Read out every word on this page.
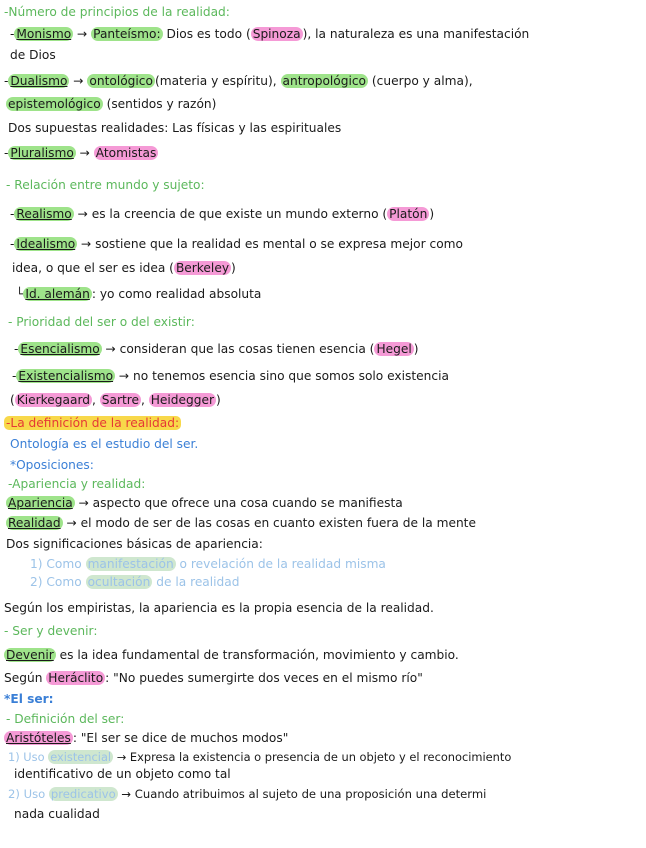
-Número de principios de la realidad:
- Monismo → Panteísmo: Dios es todo ( Spinoza ), la naturaleza es una manifestación
de Dios
- Dualismo → ontológico (materia y espíritu), antropológico (cuerpo y alma),
epistemológico (sentidos y razón)
Dos supuestas realidades: Las físicas y las espirituales
- Pluralismo → Atomistas
- Relación entre mundo y sujeto:
- Realismo → es la creencia de que existe un mundo externo ( Platón )
- Idealismo → sostiene que la realidad es mental o se expresa mejor como
idea, o que el ser es idea ( Berkeley )
└ Id. alemán : yo como realidad absoluta
- Prioridad del ser o del existir:
- Esencialismo → consideran que las cosas tienen esencia ( Hegel )
- Existencialismo → no tenemos esencia sino que somos solo existencia
( Kierkegaard , Sartre , Heidegger )
-La definición de la realidad:
Ontología es el estudio del ser.
*Oposiciones:
-Apariencia y realidad:
Apariencia → aspecto que ofrece una cosa cuando se manifiesta
Realidad → el modo de ser de las cosas en cuanto existen fuera de la mente
Dos significaciones básicas de apariencia:
1) Como manifestación o revelación de la realidad misma
2) Como ocultación de la realidad
Según los empiristas, la apariencia es la propia esencia de la realidad.
- Ser y devenir:
Devenir es la idea fundamental de transformación, movimiento y cambio.
Según Heráclito : "No puedes sumergirte dos veces en el mismo río"
*El ser:
- Definición del ser:
Aristóteles : "El ser se dice de muchos modos"
1) Uso existencial → Expresa la existencia o presencia de un objeto y el reconocimiento
identificativo de un objeto como tal
2) Uso predicativo → Cuando atribuimos al sujeto de una proposición una determi
nada cualidad
